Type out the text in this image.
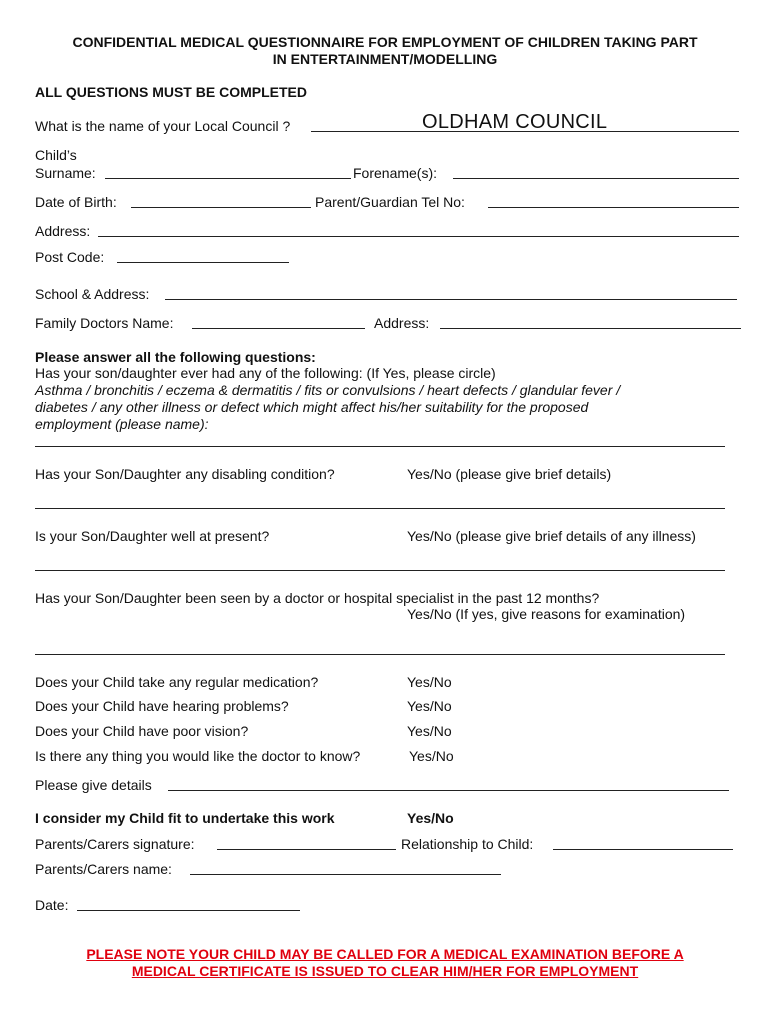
CONFIDENTIAL MEDICAL QUESTIONNAIRE FOR EMPLOYMENT OF CHILDREN TAKING PART
IN ENTERTAINMENT/MODELLING
ALL QUESTIONS MUST BE COMPLETED
What is the name of your Local Council ?	OLDHAM COUNCIL
Child’s
Surname:	Forename(s):
Date of Birth:	Parent/Guardian Tel No:
Address:
Post Code:
School & Address:
Family Doctors Name:	Address:
Please answer all the following questions:
Has your son/daughter ever had any of the following: (If Yes, please circle)
Asthma / bronchitis / eczema & dermatitis / fits or convulsions / heart defects / glandular fever /
diabetes / any other illness or defect which might affect his/her suitability for the proposed
employment (please name):
Has your Son/Daughter any disabling condition?	Yes/No (please give brief details)
Is your Son/Daughter well at present?	Yes/No (please give brief details of any illness)
Has your Son/Daughter been seen by a doctor or hospital specialist in the past 12 months?
Yes/No (If yes, give reasons for examination)
Does your Child take any regular medication?	Yes/No
Does your Child have hearing problems?	Yes/No
Does your Child have poor vision?	Yes/No
Is there any thing you would like the doctor to know?	Yes/No
Please give details
I consider my Child fit to undertake this work	Yes/No
Parents/Carers signature:	Relationship to Child:
Parents/Carers name:
Date:
PLEASE NOTE YOUR CHILD MAY BE CALLED FOR A MEDICAL EXAMINATION BEFORE A
MEDICAL CERTIFICATE IS ISSUED TO CLEAR HIM/HER FOR EMPLOYMENT
